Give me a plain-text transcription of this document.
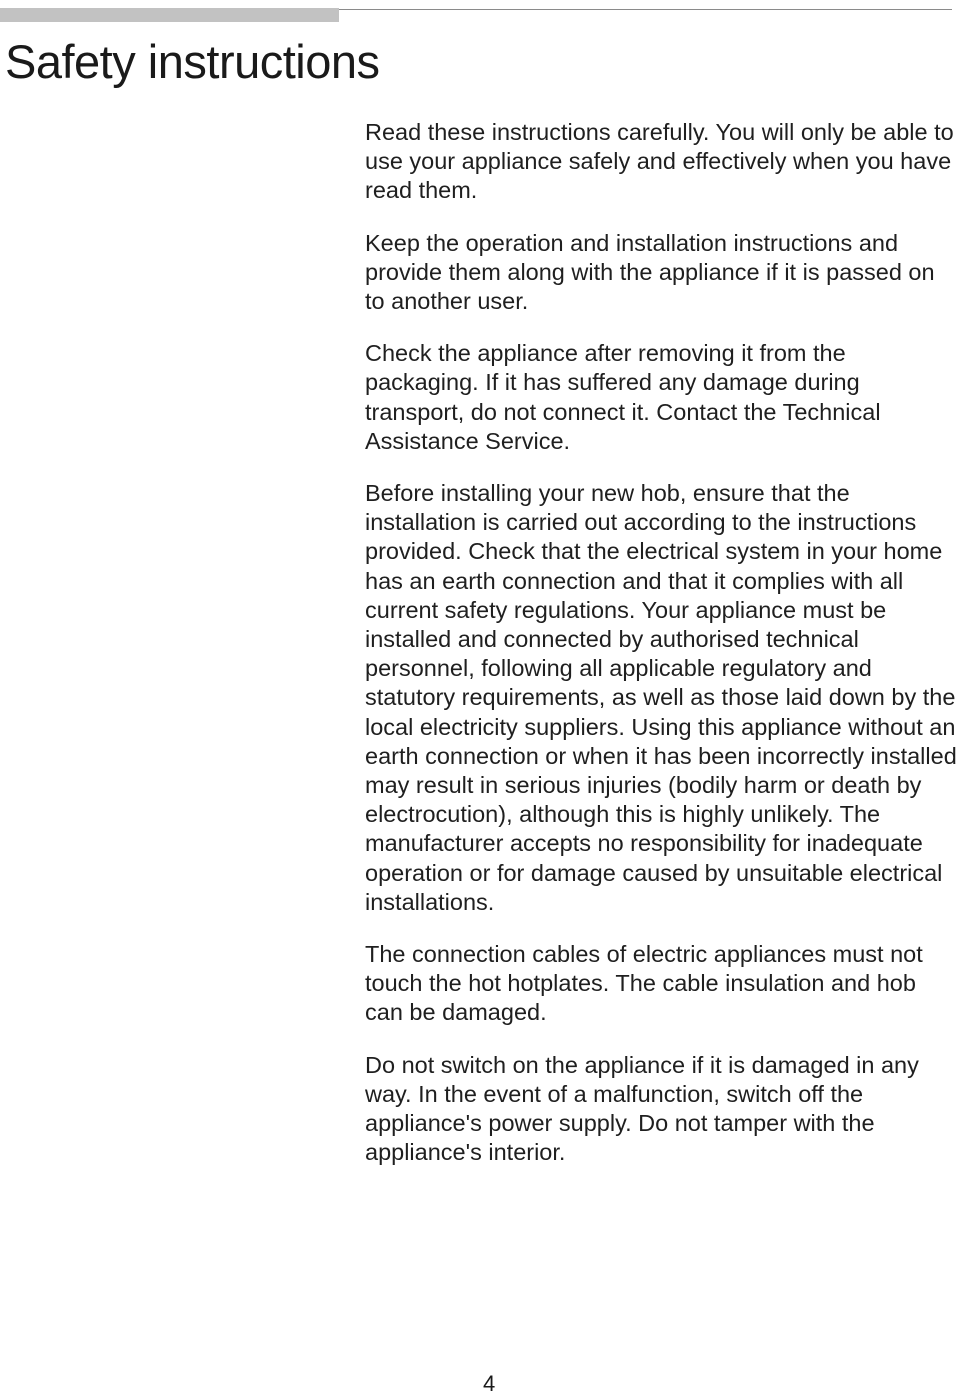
Safety instructions

Read these instructions carefully. You will only be able to use your appliance safely and effectively when you have read them.

Keep the operation and installation instructions and provide them along with the appliance if it is passed on to another user.

Check the appliance after removing it from the packaging. If it has suffered any damage during transport, do not connect it. Contact the Technical Assistance Service.

Before installing your new hob, ensure that the installation is carried out according to the instructions provided. Check that the electrical system in your home has an earth connection and that it complies with all current safety regulations. Your appliance must be installed and connected by authorised technical personnel, following all applicable regulatory and statutory requirements, as well as those laid down by the local electricity suppliers. Using this appliance without an earth connection or when it has been incorrectly installed may result in serious injuries (bodily harm or death by electrocution), although this is highly unlikely. The manufacturer accepts no responsibility for inadequate operation or for damage caused by unsuitable electrical installations.

The connection cables of electric appliances must not touch the hot hotplates. The cable insulation and hob can be damaged.

Do not switch on the appliance if it is damaged in any way. In the event of a malfunction, switch off the appliance's power supply. Do not tamper with the appliance's interior.

4
